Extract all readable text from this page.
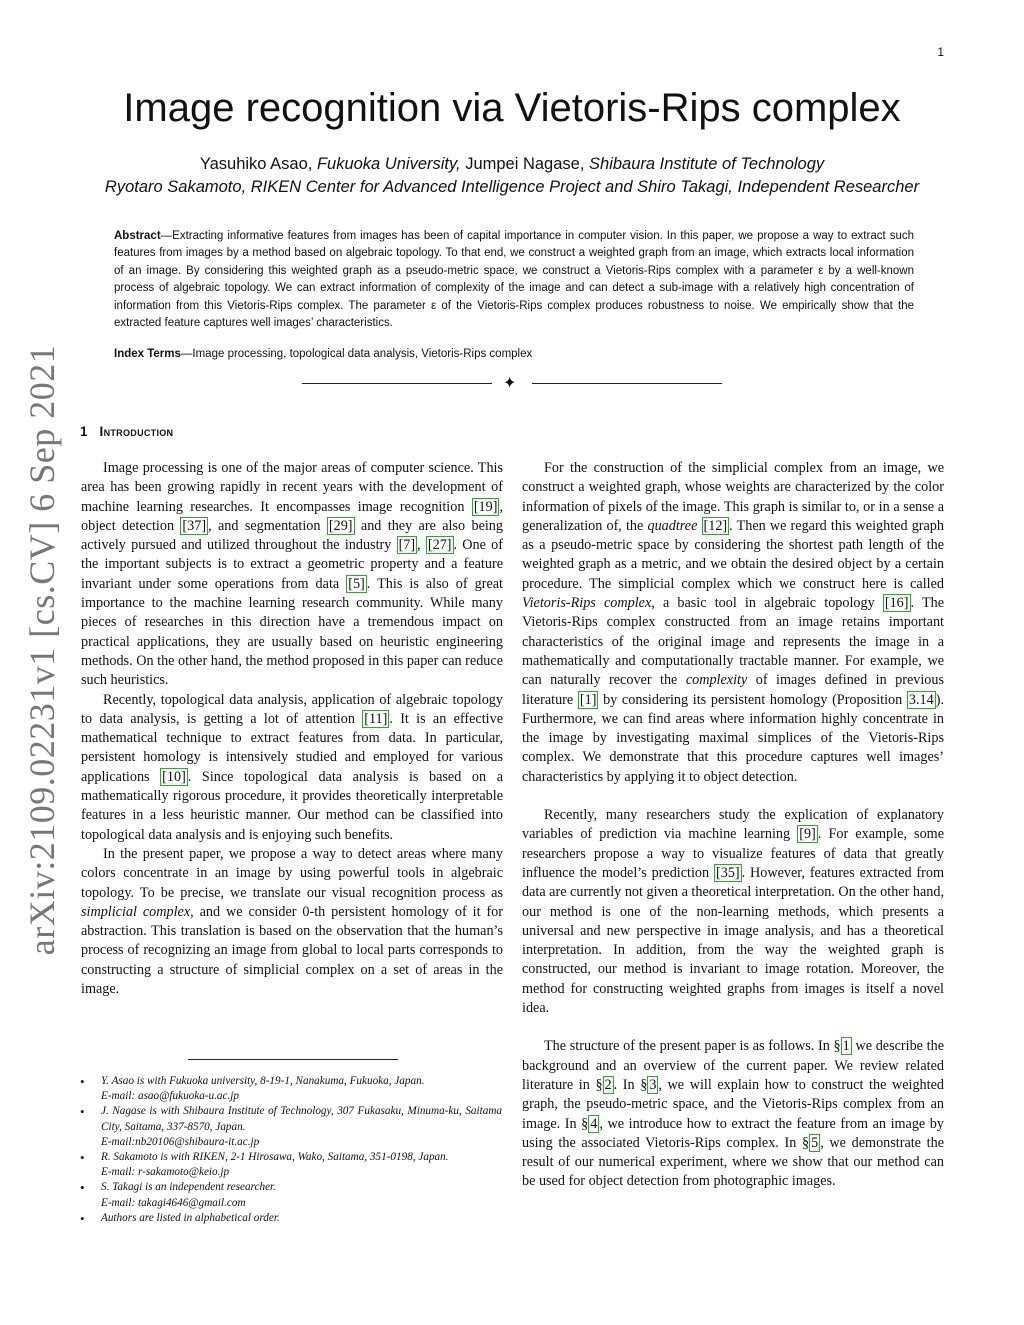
1
arXiv:2109.02231v1 [cs.CV] 6 Sep 2021
Image recognition via Vietoris-Rips complex
Yasuhiko Asao, Fukuoka University, Jumpei Nagase, Shibaura Institute of Technology
Ryotaro Sakamoto, RIKEN Center for Advanced Intelligence Project and Shiro Takagi, Independent Researcher

Abstract—Extracting informative features from images has been of capital importance in computer vision. In this paper, we propose a way to extract such features from images by a method based on algebraic topology. To that end, we construct a weighted graph from an image, which extracts local information of an image. By considering this weighted graph as a pseudo-metric space, we construct a Vietoris-Rips complex with a parameter ε by a well-known process of algebraic topology. We can extract information of complexity of the image and can detect a sub-image with a relatively high concentration of information from this Vietoris-Rips complex. The parameter ε of the Vietoris-Rips complex produces robustness to noise. We empirically show that the extracted feature captures well images’ characteristics.

Index Terms—Image processing, topological data analysis, Vietoris-Rips complex

✦
1 Introduction

Image processing is one of the major areas of computer science. This area has been growing rapidly in recent years with the development of machine learning researches. It encompasses image recognition [19] , object detection [37] , and segmentation [29] and they are also being actively pursued and utilized throughout the industry [7] , [27] . One of the important subjects is to extract a geometric property and a feature invariant under some operations from data [5] . This is also of great importance to the machine learning research community. While many pieces of researches in this direction have a tremendous impact on practical applications, they are usually based on heuristic engineering methods. On the other hand, the method proposed in this paper can reduce such heuristics.

Recently, topological data analysis, application of algebraic topology to data analysis, is getting a lot of attention [11] . It is an effective mathematical technique to extract features from data. In particular, persistent homology is intensively studied and employed for various applications [10] . Since topological data analysis is based on a mathematically rigorous procedure, it provides theoretically interpretable features in a less heuristic manner. Our method can be classified into topological data analysis and is enjoying such benefits.

In the present paper, we propose a way to detect areas where many colors concentrate in an image by using powerful tools in algebraic topology. To be precise, we translate our visual recognition process as simplicial complex, and we consider 0-th persistent homology of it for abstraction. This translation is based on the observation that the human’s process of recognizing an image from global to local parts corresponds to constructing a structure of simplicial complex on a set of areas in the image.

For the construction of the simplicial complex from an image, we construct a weighted graph, whose weights are characterized by the color information of pixels of the image. This graph is similar to, or in a sense a generalization of, the quadtree [12] . Then we regard this weighted graph as a pseudo-metric space by considering the shortest path length of the weighted graph as a metric, and we obtain the desired object by a certain procedure. The simplicial complex which we construct here is called Vietoris-Rips complex, a basic tool in algebraic topology [16] . The Vietoris-Rips complex constructed from an image retains important characteristics of the original image and represents the image in a mathematically and computationally tractable manner. For example, we can naturally recover the complexity of images defined in previous literature [1] by considering its persistent homology (Proposition 3.14 ). Furthermore, we can find areas where information highly concentrate in the image by investigating maximal simplices of the Vietoris-Rips complex. We demonstrate that this procedure captures well images’ characteristics by applying it to object detection.

Recently, many researchers study the explication of explanatory variables of prediction via machine learning [9] . For example, some researchers propose a way to visualize features of data that greatly influence the model’s prediction [35] . However, features extracted from data are currently not given a theoretical interpretation. On the other hand, our method is one of the non-learning methods, which presents a universal and new perspective in image analysis, and has a theoretical interpretation. In addition, from the way the weighted graph is constructed, our method is invariant to image rotation. Moreover, the method for constructing weighted graphs from images is itself a novel idea.

The structure of the present paper is as follows. In § 1 we describe the background and an overview of the current paper. We review related literature in § 2 . In § 3 , we will explain how to construct the weighted graph, the pseudo-metric space, and the Vietoris-Rips complex from an image. In § 4 , we introduce how to extract the feature from an image by using the associated Vietoris-Rips complex. In § 5 , we demonstrate the result of our numerical experiment, where we show that our method can be used for object detection from photographic images.

• Y. Asao is with Fukuoka university, 8-19-1, Nanakuma, Fukuoka, Japan.
E-mail: asao@fukuoka-u.ac.jp
• J. Nagase is with Shibaura Institute of Technology, 307 Fukasaku, Minuma-ku, Saitama City, Saitama, 337-8570, Japan.
E-mail:nb20106@shibaura-it.ac.jp
• R. Sakamoto is with RIKEN, 2-1 Hirosawa, Wako, Saitama, 351-0198, Japan.
E-mail: r-sakamoto@keio.jp
• S. Takagi is an independent researcher.
E-mail: takagi4646@gmail.com
• Authors are listed in alphabetical order.
